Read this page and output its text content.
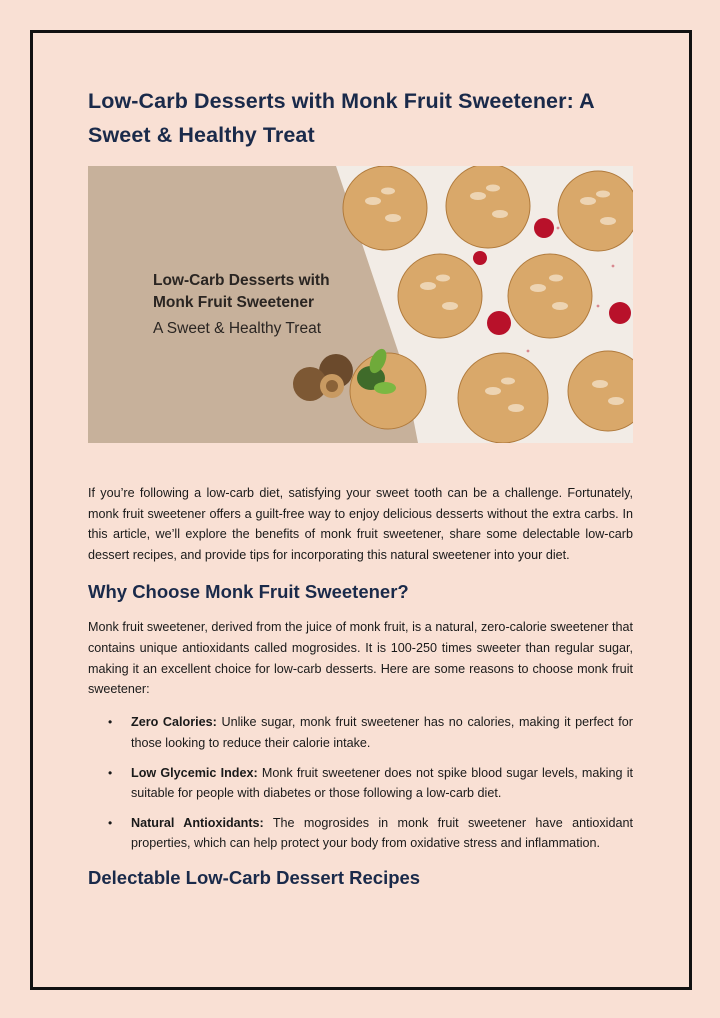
Low-Carb Desserts with Monk Fruit Sweetener: A Sweet & Healthy Treat
Low-Carb Desserts with
Monk Fruit Sweetener
A Sweet & Healthy Treat

If you’re following a low-carb diet, satisfying your sweet tooth can be a challenge. Fortunately, monk fruit sweetener offers a guilt-free way to enjoy delicious desserts without the extra carbs. In this article, we’ll explore the benefits of monk fruit sweetener, share some delectable low-carb dessert recipes, and provide tips for incorporating this natural sweetener into your diet.

Why Choose Monk Fruit Sweetener?

Monk fruit sweetener, derived from the juice of monk fruit, is a natural, zero-calorie sweetener that contains unique antioxidants called mogrosides. It is 100-250 times sweeter than regular sugar, making it an excellent choice for low-carb desserts. Here are some reasons to choose monk fruit sweetener:

• Zero Calories: Unlike sugar, monk fruit sweetener has no calories, making it perfect for those looking to reduce their calorie intake.
• Low Glycemic Index: Monk fruit sweetener does not spike blood sugar levels, making it suitable for people with diabetes or those following a low-carb diet.
• Natural Antioxidants: The mogrosides in monk fruit sweetener have antioxidant properties, which can help protect your body from oxidative stress and inflammation.
Delectable Low-Carb Dessert Recipes
